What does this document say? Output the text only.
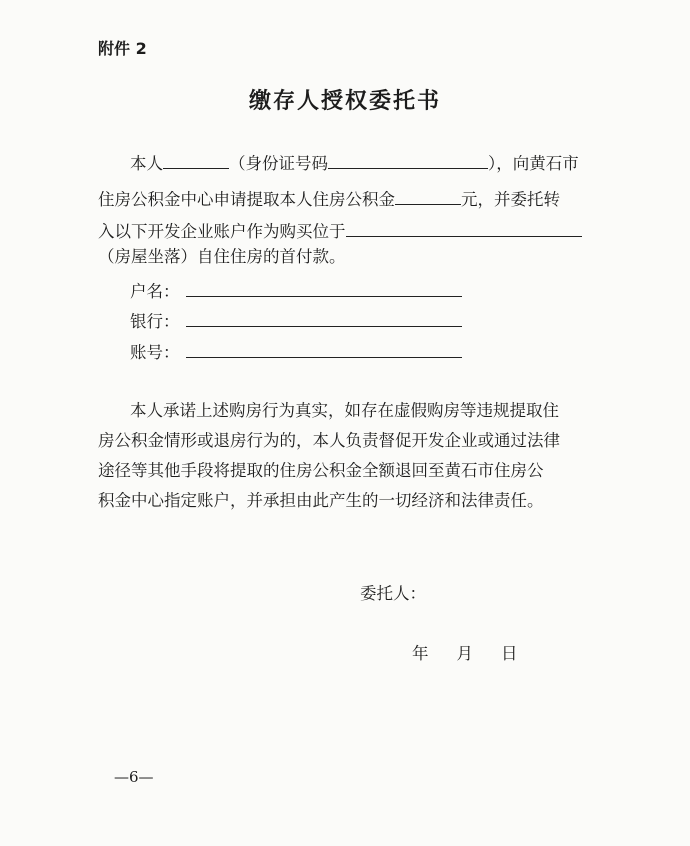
附件 2
缴存人授权委托书
本人	（身份证号码	），向黄石市
住房公积金中心申请提取本人住房公积金	元，并委托转
入以下开发企业账户作为购买位于
（房屋坐落）自住住房的首付款。
户名：
银行：
账号：
本人承诺上述购房行为真实，如存在虚假购房等违规提取住
房公积金情形或退房行为的，本人负责督促开发企业或通过法律
途径等其他手段将提取的住房公积金全额退回至黄石市住房公
积金中心指定账户，并承担由此产生的一切经济和法律责任。
委托人：
年 月 日
—6—
